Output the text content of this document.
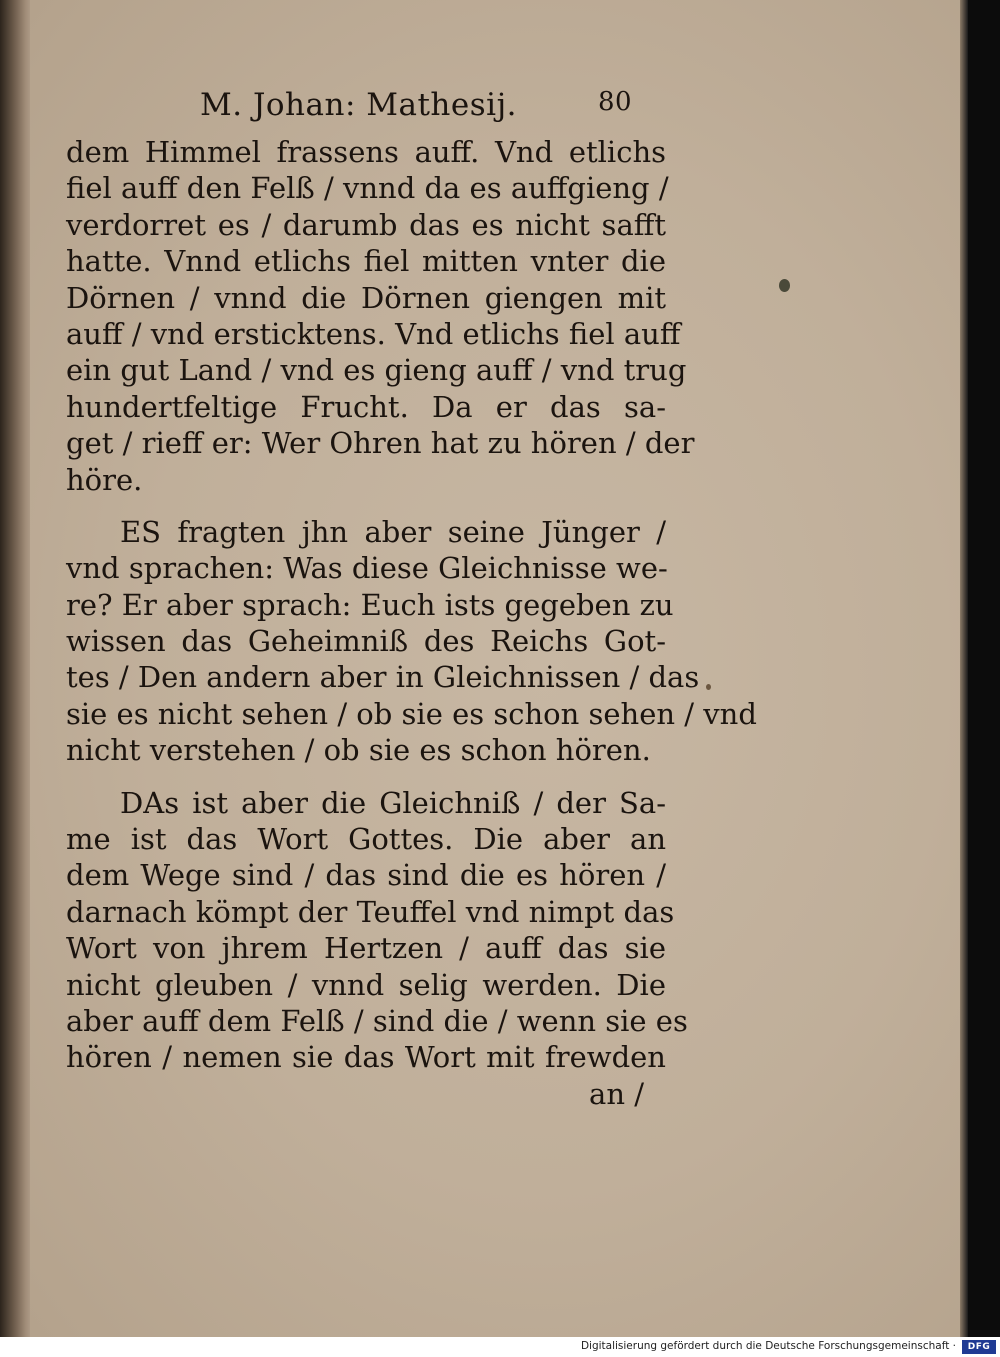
M. Johan: Mathesij.	80
dem Himmel frassens auff. Vnd etlichs
fiel auff den Felß / vnnd da es auffgieng /
verdorret es / darumb das es nicht safft
hatte. Vnnd etlichs fiel mitten vnter die
Dörnen / vnnd die Dörnen giengen mit
auff / vnd ersticktens. Vnd etlichs fiel auff
ein gut Land / vnd es gieng auff / vnd trug
hundertfeltige Frucht. Da er das sa-
get / rieff er: Wer Ohren hat zu hören / der
höre.
ES fragten jhn aber seine Jünger /
vnd sprachen: Was diese Gleichnisse we-
re? Er aber sprach: Euch ists gegeben zu
wissen das Geheimniß des Reichs Got-
tes / Den andern aber in Gleichnissen / das
sie es nicht sehen / ob sie es schon sehen / vnd
nicht verstehen / ob sie es schon hören.
DAs ist aber die Gleichniß / der Sa-
me ist das Wort Gottes. Die aber an
dem Wege sind / das sind die es hören /
darnach kömpt der Teuffel vnd nimpt das
Wort von jhrem Hertzen / auff das sie
nicht gleuben / vnnd selig werden. Die
aber auff dem Felß / sind die / wenn sie es
hören / nemen sie das Wort mit frewden
an /
Digitalisierung gefördert durch die Deutsche Forschungsgemeinschaft ·	DFG
